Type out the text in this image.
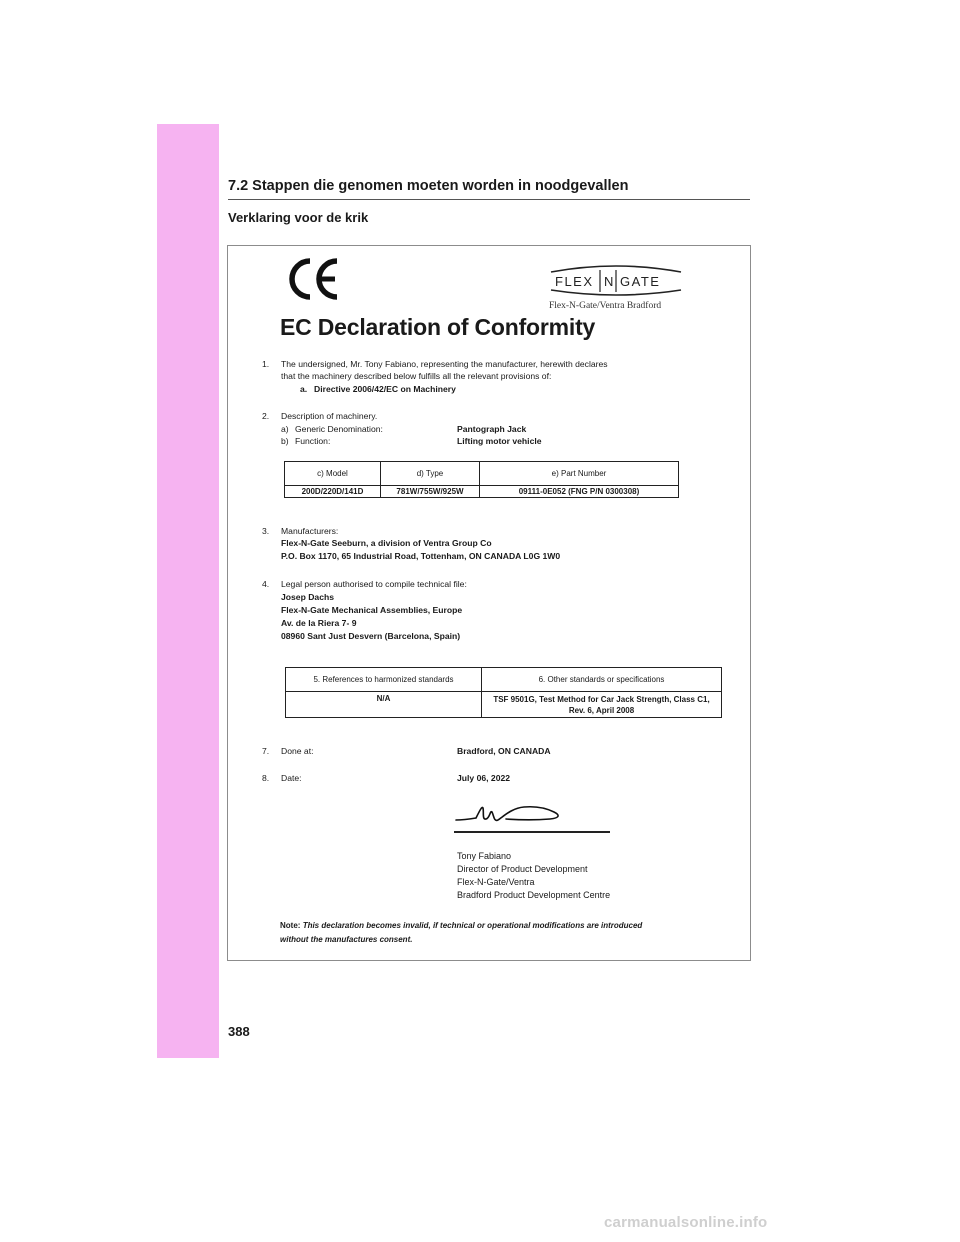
7.2 Stappen die genomen moeten worden in noodgevallen
Verklaring voor de krik
FLEX N GATE
Flex-N-Gate/Ventra Bradford
EC Declaration of Conformity
1. The undersigned, Mr. Tony Fabiano, representing the manufacturer, herewith declares
that the machinery described below fulfills all the relevant provisions of:
a. Directive 2006/42/EC on Machinery
2. Description of machinery.
a) Generic Denomination:	Pantograph Jack
b) Function:	Lifting motor vehicle
c) Model	d) Type	e) Part Number
200D/220D/141D	781W/755W/925W	09111-0E052 (FNG P/N 0300308)
3. Manufacturers:
Flex-N-Gate Seeburn, a division of Ventra Group Co
P.O. Box 1170, 65 Industrial Road, Tottenham, ON CANADA L0G 1W0
4. Legal person authorised to compile technical file:
Josep Dachs
Flex-N-Gate Mechanical Assemblies, Europe
Av. de la Riera 7- 9
08960 Sant Just Desvern (Barcelona, Spain)
5. References to harmonized standards	6. Other standards or specifications
N/A	TSF 9501G, Test Method for Car Jack Strength, Class C1,
Rev. 6, April 2008
7. Done at:	Bradford, ON CANADA
8. Date:	July 06, 2022
Tony Fabiano
Director of Product Development
Flex-N-Gate/Ventra
Bradford Product Development Centre
Note: This declaration becomes invalid, if technical or operational modifications are introduced
without the manufactures consent.
388
carmanualsonline.info
